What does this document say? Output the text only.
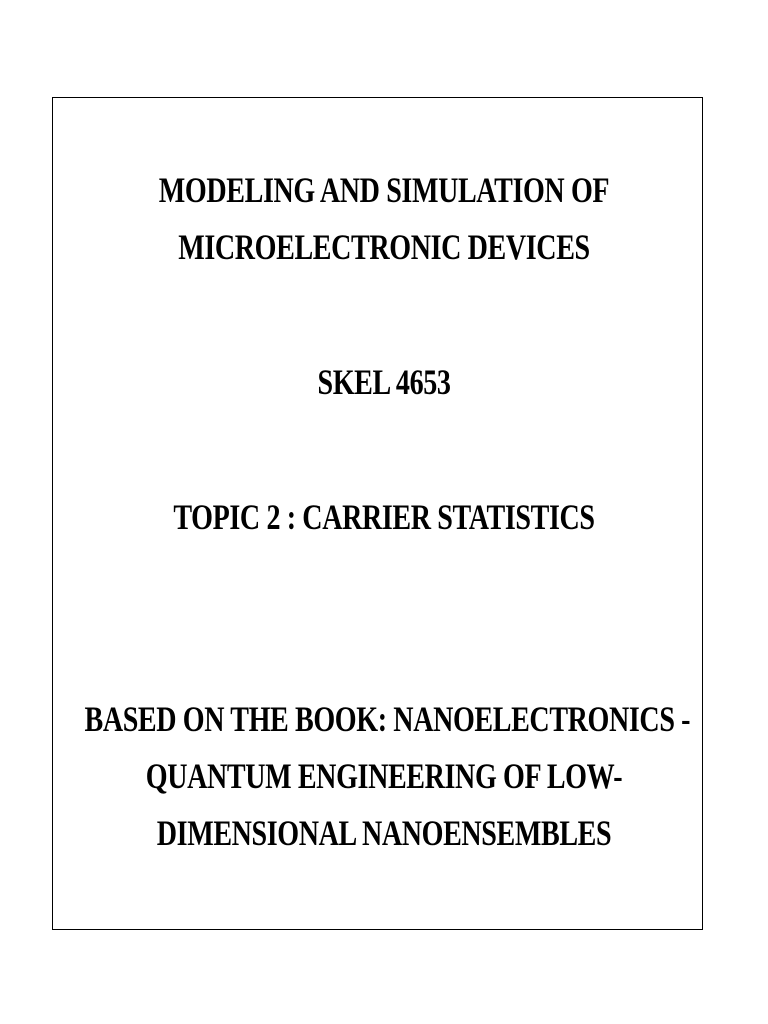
MODELING AND SIMULATION OF
MICROELECTRONIC DEVICES
SKEL 4653
TOPIC 2 : CARRIER STATISTICS
BASED ON THE BOOK: NANOELECTRONICS -
QUANTUM ENGINEERING OF LOW-
DIMENSIONAL NANOENSEMBLES
